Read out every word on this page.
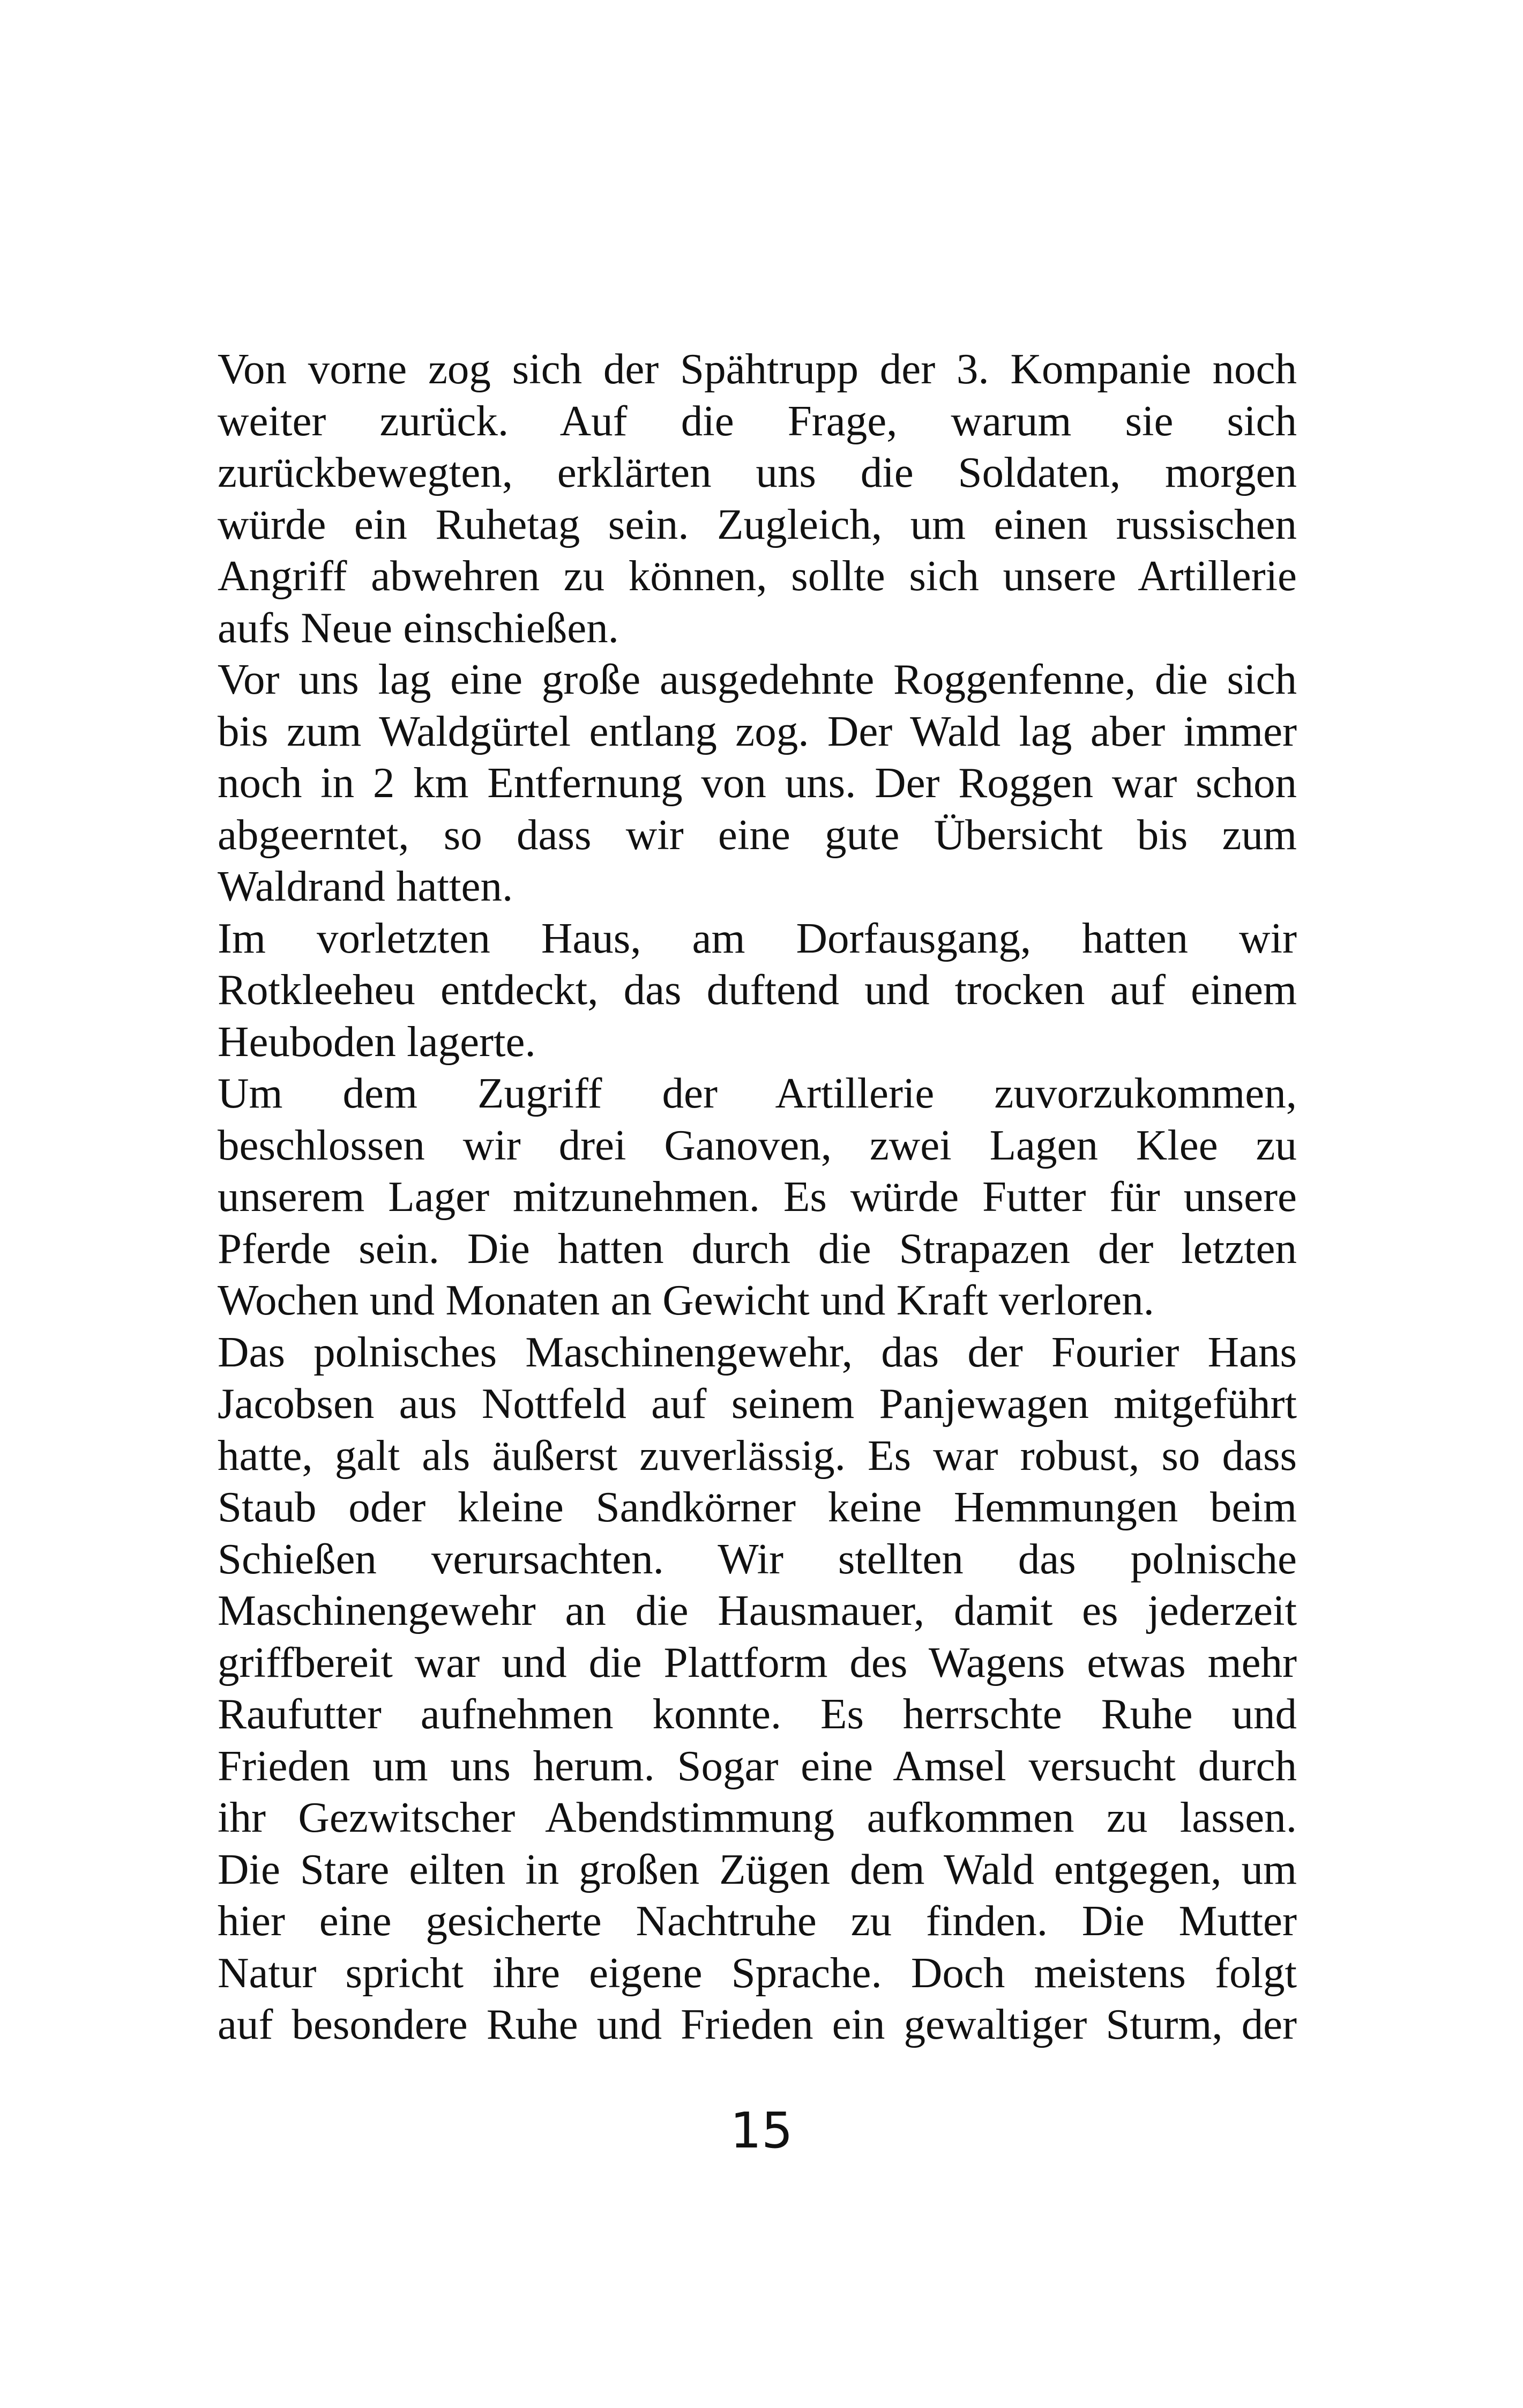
Von vorne zog sich der Spähtrupp der 3. Kompanie noch
weiter zurück. Auf die Frage, warum sie sich
zurückbewegten, erklärten uns die Soldaten, morgen
würde ein Ruhetag sein. Zugleich, um einen russischen
Angriff abwehren zu können, sollte sich unsere Artillerie
aufs Neue einschießen.
Vor uns lag eine große ausgedehnte Roggenfenne, die sich
bis zum Waldgürtel entlang zog. Der Wald lag aber immer
noch in 2 km Entfernung von uns. Der Roggen war schon
abgeerntet, so dass wir eine gute Übersicht bis zum
Waldrand hatten.
Im vorletzten Haus, am Dorfausgang, hatten wir
Rotkleeheu entdeckt, das duftend und trocken auf einem
Heuboden lagerte.
Um dem Zugriff der Artillerie zuvorzukommen,
beschlossen wir drei Ganoven, zwei Lagen Klee zu
unserem Lager mitzunehmen. Es würde Futter für unsere
Pferde sein. Die hatten durch die Strapazen der letzten
Wochen und Monaten an Gewicht und Kraft verloren.
Das polnisches Maschinengewehr, das der Fourier Hans
Jacobsen aus Nottfeld auf seinem Panjewagen mitgeführt
hatte, galt als äußerst zuverlässig. Es war robust, so dass
Staub oder kleine Sandkörner keine Hemmungen beim
Schießen verursachten. Wir stellten das polnische
Maschinengewehr an die Hausmauer, damit es jederzeit
griffbereit war und die Plattform des Wagens etwas mehr
Raufutter aufnehmen konnte. Es herrschte Ruhe und
Frieden um uns herum. Sogar eine Amsel versucht durch
ihr Gezwitscher Abendstimmung aufkommen zu lassen.
Die Stare eilten in großen Zügen dem Wald entgegen, um
hier eine gesicherte Nachtruhe zu finden. Die Mutter
Natur spricht ihre eigene Sprache. Doch meistens folgt
auf besondere Ruhe und Frieden ein gewaltiger Sturm, der
15
